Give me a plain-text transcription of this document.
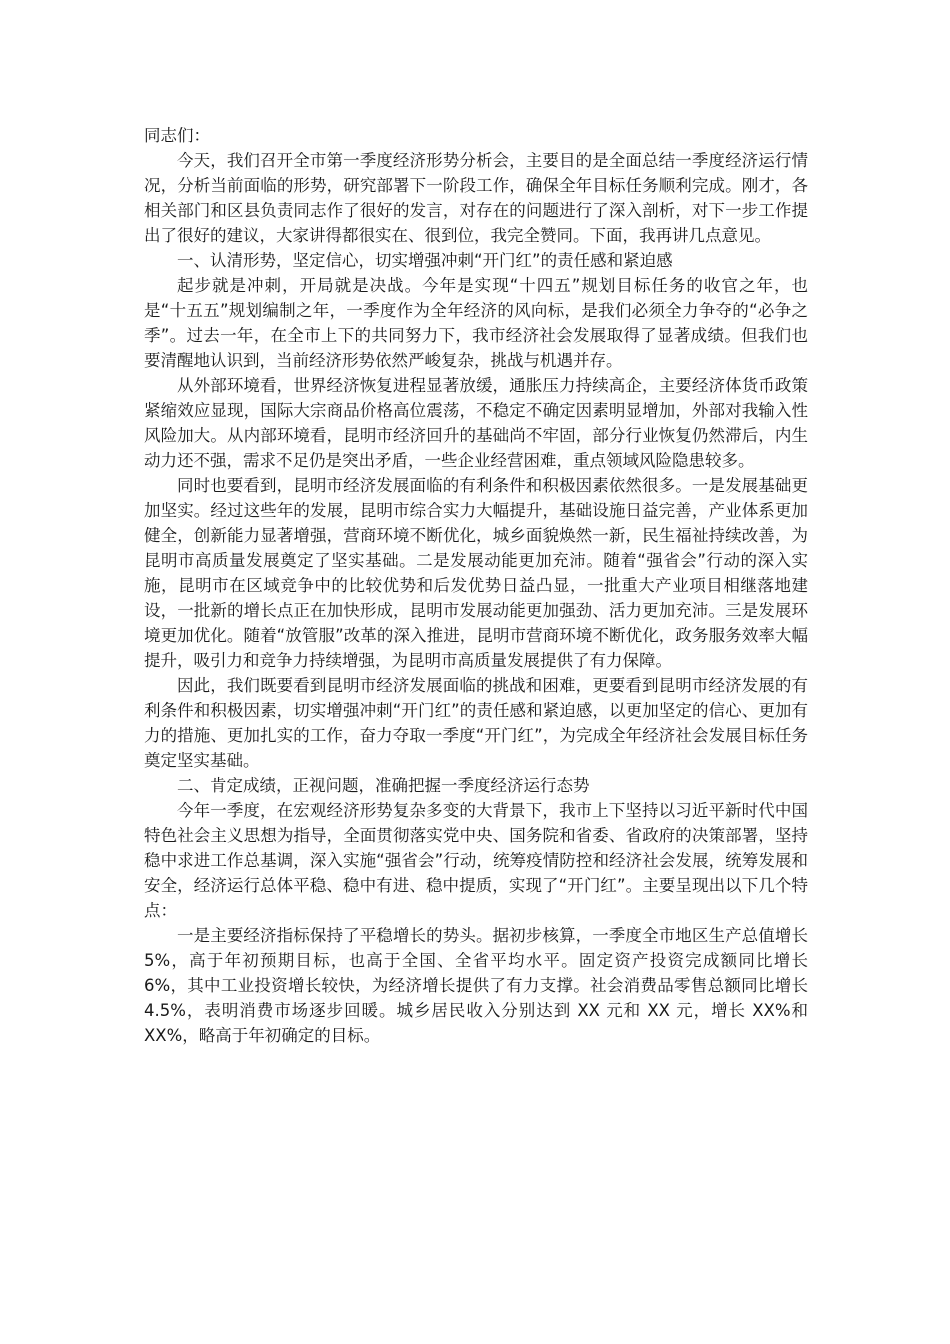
同志们：

今天，我们召开全市第一季度经济形势分析会，主要目的是全面总结一季度经济运行情况，分析当前面临的形势，研究部署下一阶段工作，确保全年目标任务顺利完成。刚才，各相关部门和区县负责同志作了很好的发言，对存在的问题进行了深入剖析，对下一步工作提出了很好的建议，大家讲得都很实在、很到位，我完全赞同。下面，我再讲几点意见。

一、认清形势，坚定信心，切实增强冲刺“开门红”的责任感和紧迫感

起步就是冲刺，开局就是决战。今年是实现“十四五”规划目标任务的收官之年，也是“十五五”规划编制之年，一季度作为全年经济的风向标，是我们必须全力争夺的“必争之季”。过去一年，在全市上下的共同努力下，我市经济社会发展取得了显著成绩。但我们也要清醒地认识到，当前经济形势依然严峻复杂，挑战与机遇并存。

从外部环境看，世界经济恢复进程显著放缓，通胀压力持续高企，主要经济体货币政策紧缩效应显现，国际大宗商品价格高位震荡，不稳定不确定因素明显增加，外部对我输入性风险加大。从内部环境看，昆明市经济回升的基础尚不牢固，部分行业恢复仍然滞后，内生动力还不强，需求不足仍是突出矛盾，一些企业经营困难，重点领域风险隐患较多。

同时也要看到，昆明市经济发展面临的有利条件和积极因素依然很多。一是发展基础更加坚实。经过这些年的发展，昆明市综合实力大幅提升，基础设施日益完善，产业体系更加健全，创新能力显著增强，营商环境不断优化，城乡面貌焕然一新，民生福祉持续改善，为昆明市高质量发展奠定了坚实基础。二是发展动能更加充沛。随着“强省会”行动的深入实施，昆明市在区域竞争中的比较优势和后发优势日益凸显，一批重大产业项目相继落地建设，一批新的增长点正在加快形成，昆明市发展动能更加强劲、活力更加充沛。三是发展环境更加优化。随着“放管服”改革的深入推进，昆明市营商环境不断优化，政务服务效率大幅提升，吸引力和竞争力持续增强，为昆明市高质量发展提供了有力保障。

因此，我们既要看到昆明市经济发展面临的挑战和困难，更要看到昆明市经济发展的有利条件和积极因素，切实增强冲刺“开门红”的责任感和紧迫感，以更加坚定的信心、更加有力的措施、更加扎实的工作，奋力夺取一季度“开门红”，为完成全年经济社会发展目标任务奠定坚实基础。

二、肯定成绩，正视问题，准确把握一季度经济运行态势

今年一季度，在宏观经济形势复杂多变的大背景下，我市上下坚持以习近平新时代中国特色社会主义思想为指导，全面贯彻落实党中央、国务院和省委、省政府的决策部署，坚持稳中求进工作总基调，深入实施“强省会”行动，统筹疫情防控和经济社会发展，统筹发展和安全，经济运行总体平稳、稳中有进、稳中提质，实现了“开门红”。主要呈现出以下几个特点：

一是主要经济指标保持了平稳增长的势头。据初步核算，一季度全市地区生产总值增长 5%，高于年初预期目标，也高于全国、全省平均水平。固定资产投资完成额同比增长 6%，其中工业投资增长较快，为经济增长提供了有力支撑。社会消费品零售总额同比增长 4.5%，表明消费市场逐步回暖。城乡居民收入分别达到 XX 元和 XX 元，增长 XX%和 XX%，略高于年初确定的目标。
